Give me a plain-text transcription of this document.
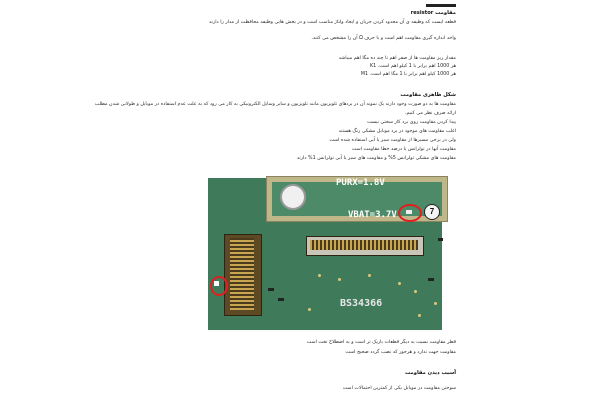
مقاومت resistor
قطعه ایست که وظیفه ی آن محدود کردن جریان و ایجاد ولتاژ مناسب است و در بخش هایی وظیفه محافظت از مدار را دارند
واحد اندازه گیری مقاومت اهم است و با حرف Ω آن را مشخص می کنند.
مقدار ریز مقاومت ها از صفر اهم تا چند ده مگا اهم میباشد
هر 1000 اهم برابر با 1 کیلو اهم است. K1
هر 1000 کیلو اهم برابر با 1 مگا اهم است. M1
شکل ظاهری مقاومت
مقاومت ها به دو صورت وجود دارند یک نمونه آن در بردهای تلویزیون مانند تلویزیون و سایر وسایل الکترونیکی به کار می رود که به علت عدم استفاده در موبایل و طولانی شدن مطلب
ارائه صرف نظر می کنیم.
پیدا کردن مقاومت روی برد کار سختی نیست
اغلب مقاومت های موجود در برد موبایل مشکی رنگ هستند
ولی در برخی مسیرها از مقاومت سبز یا آبی استفاده شده است
مقاومت آنها در تولرانس یا درصد خطا مقاومت است
مقاومت های مشکی تولرانس 5% و مقاومت های سبز یا آبی تولرانس 1% دارند
PURX=1.8V
VBAT=3.7V
BS34366
7
قطر مقاومت نسبت به دیگر قطعات باریک تر است و به اصطلاح تخت است
مقاومت جهت ندارد و هرجور که نصب گردد صحیح است
آسیب دیدن مقاومت
سوختن مقاومت در موبایل یکی از کمترین احتمالات است
